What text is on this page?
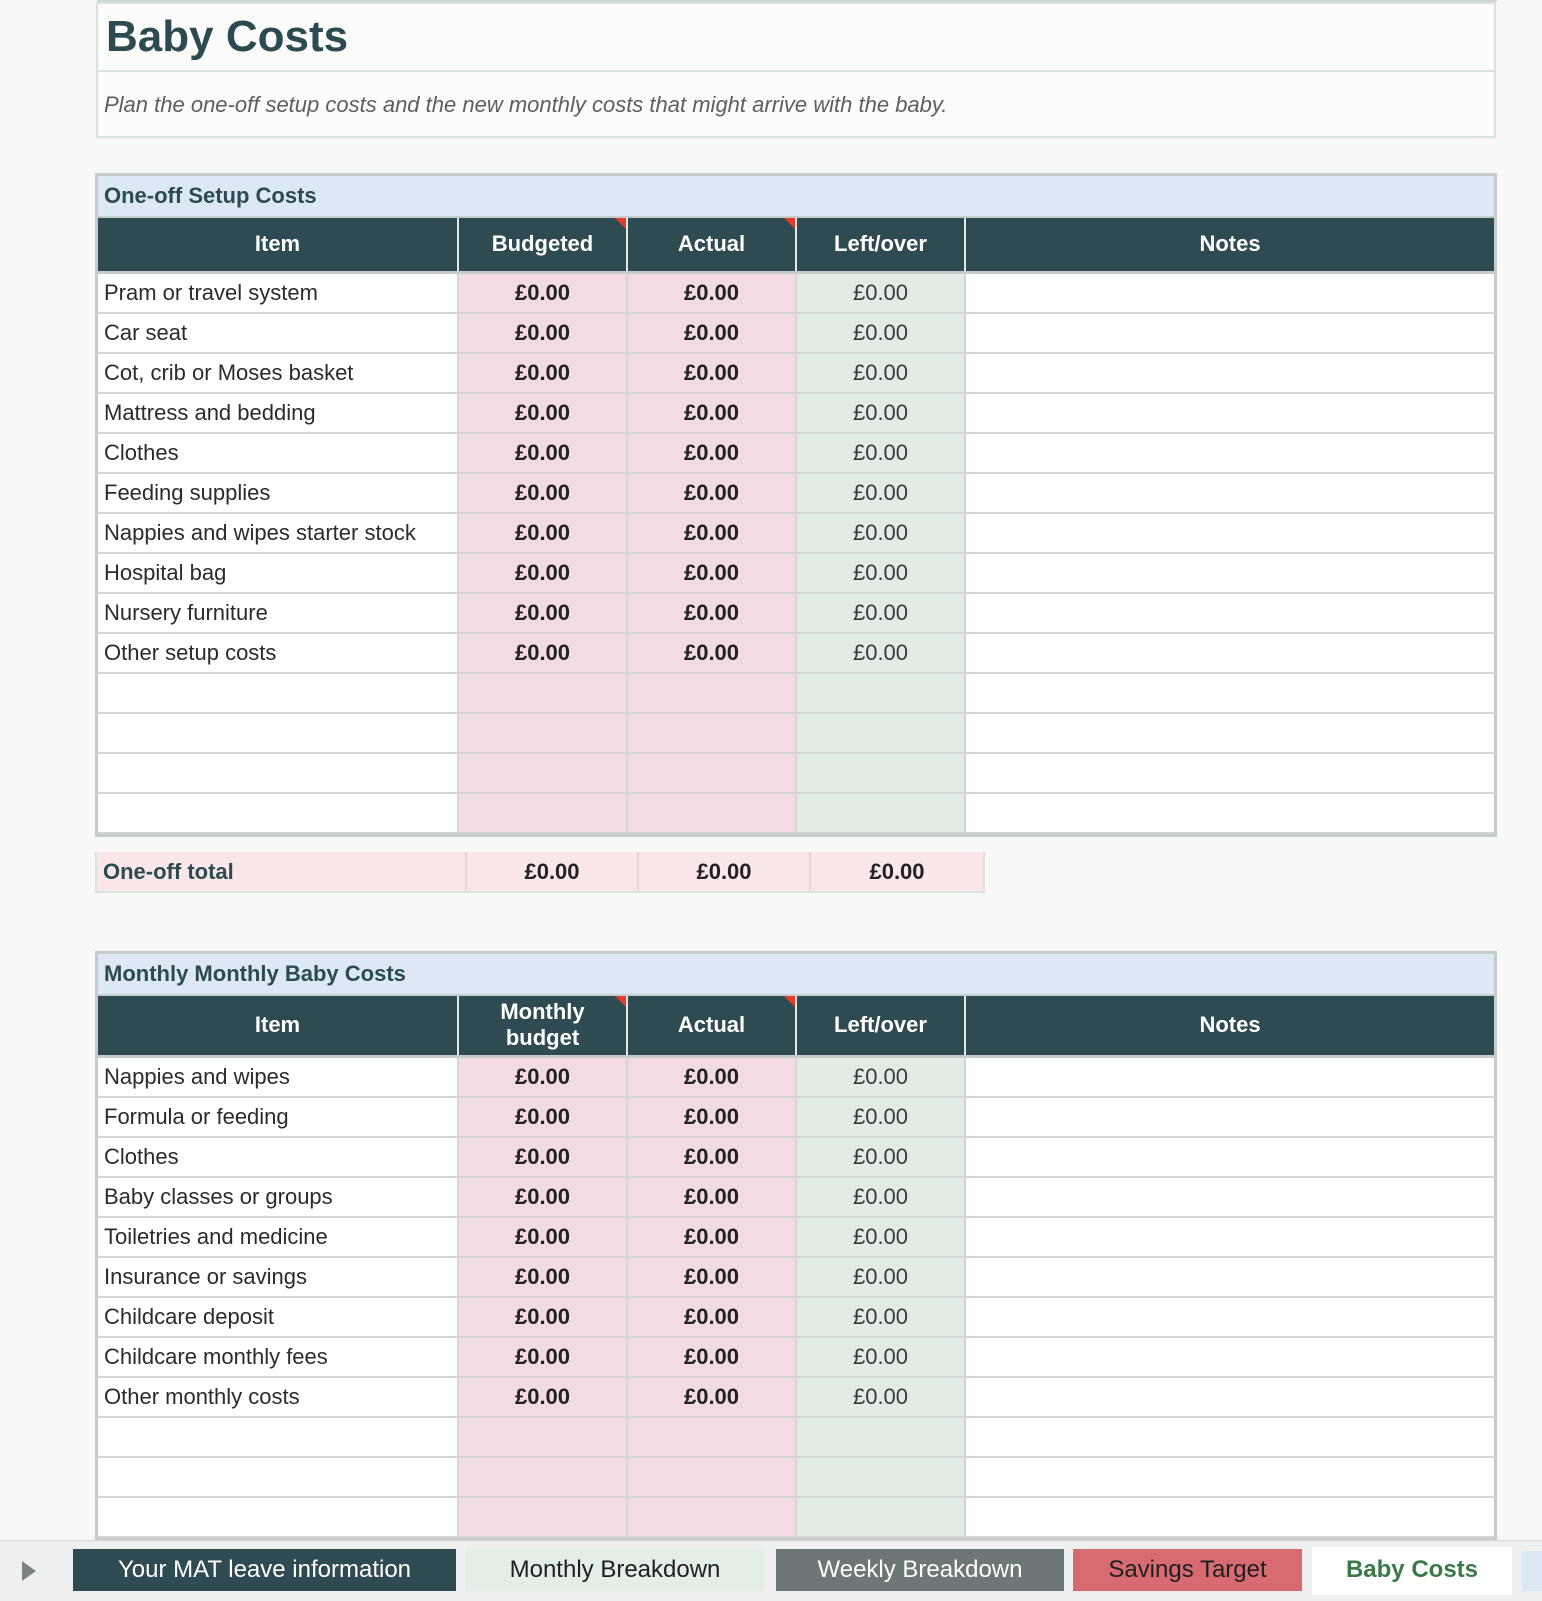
Baby Costs
Plan the one-off setup costs and the new monthly costs that might arrive with the baby.
One-off Setup Costs
Item	Budgeted	Actual	Left/over	Notes
Pram or travel system	£0.00	£0.00	£0.00	
Car seat	£0.00	£0.00	£0.00	
Cot, crib or Moses basket	£0.00	£0.00	£0.00	
Mattress and bedding	£0.00	£0.00	£0.00	
Clothes	£0.00	£0.00	£0.00	
Feeding supplies	£0.00	£0.00	£0.00	
Nappies and wipes starter stock	£0.00	£0.00	£0.00	
Hospital bag	£0.00	£0.00	£0.00	
Nursery furniture	£0.00	£0.00	£0.00	
Other setup costs	£0.00	£0.00	£0.00	

One-off total	£0.00	£0.00	£0.00
Monthly Monthly Baby Costs
Item	Monthly budget	Actual	Left/over	Notes
Nappies and wipes	£0.00	£0.00	£0.00	
Formula or feeding	£0.00	£0.00	£0.00	
Clothes	£0.00	£0.00	£0.00	
Baby classes or groups	£0.00	£0.00	£0.00	
Toiletries and medicine	£0.00	£0.00	£0.00	
Insurance or savings	£0.00	£0.00	£0.00	
Childcare deposit	£0.00	£0.00	£0.00	
Childcare monthly fees	£0.00	£0.00	£0.00	
Other monthly costs	£0.00	£0.00	£0.00	

Your MAT leave information	Monthly Breakdown	Weekly Breakdown	Savings Target	Baby Costs
